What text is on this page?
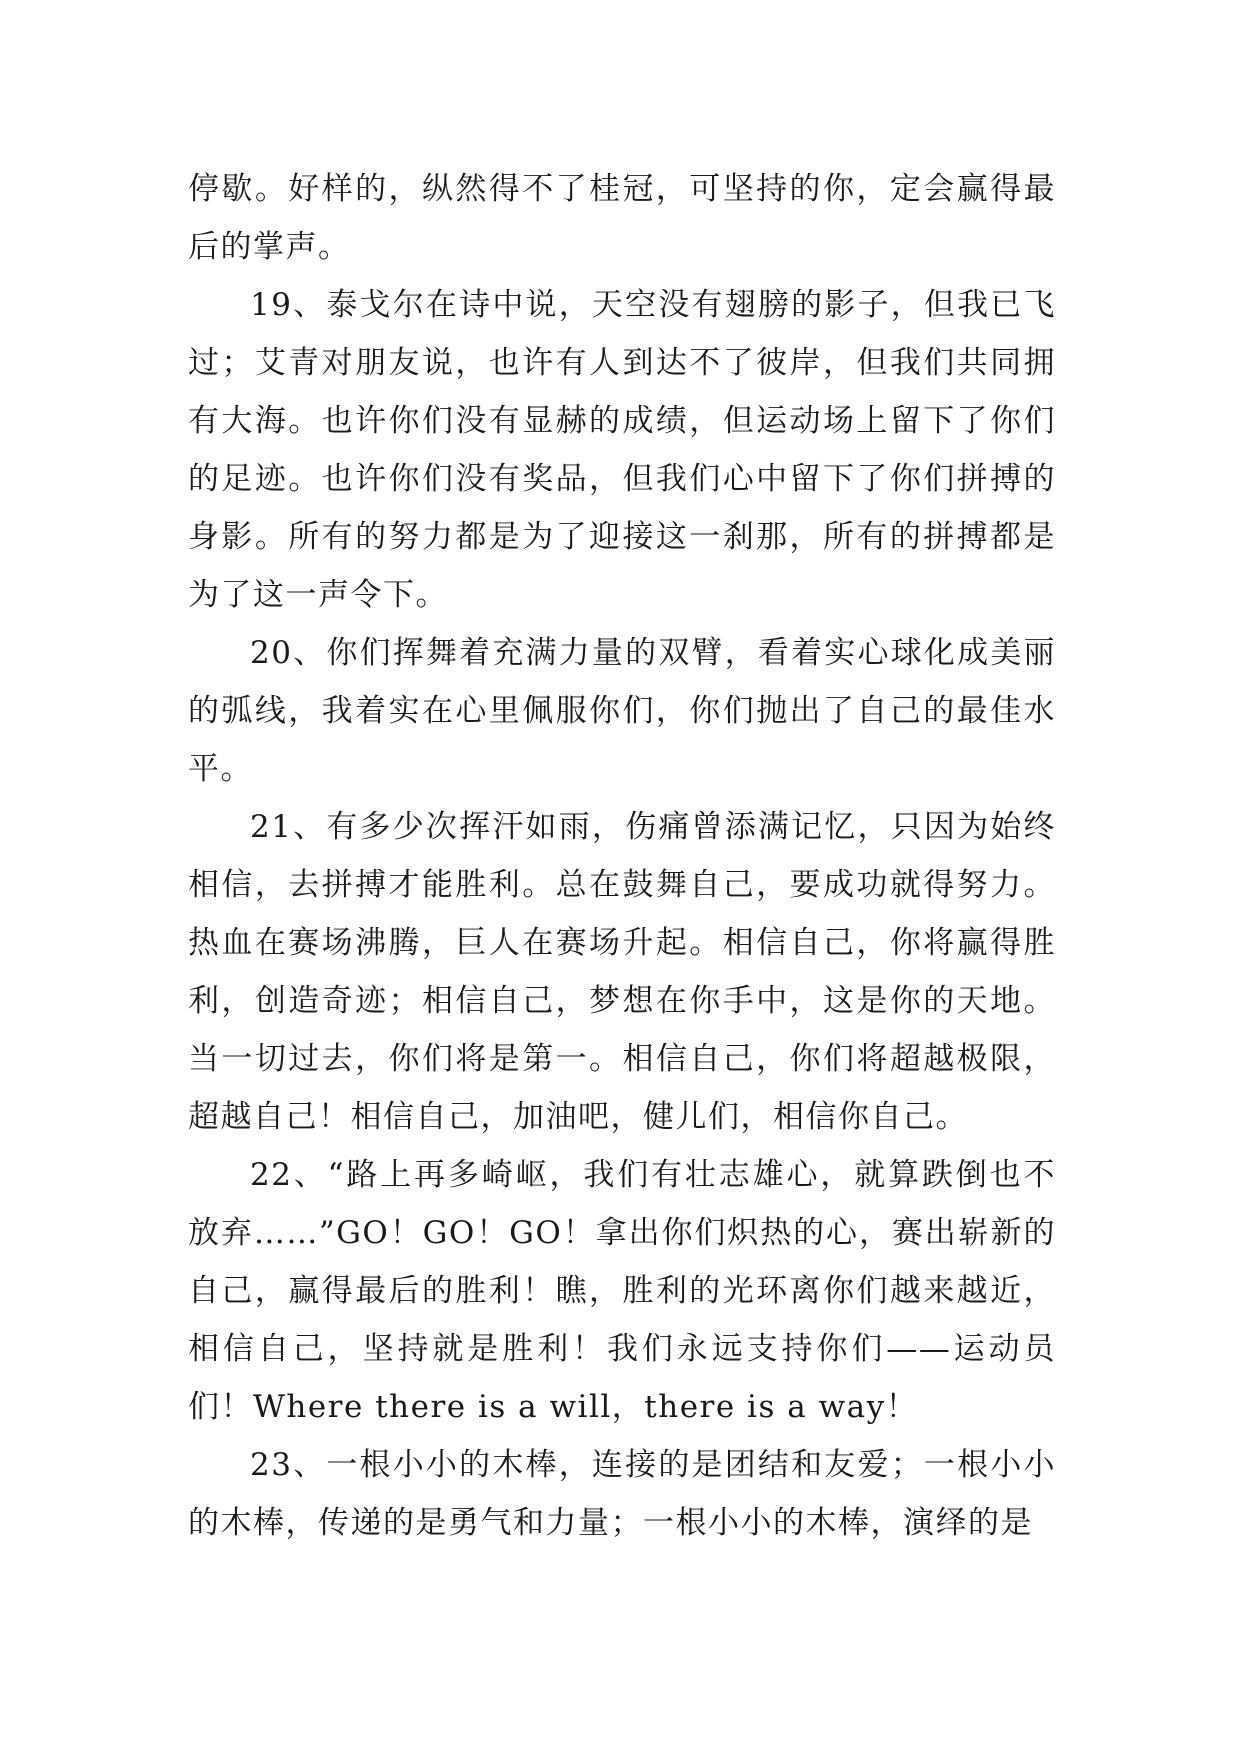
停歇。好样的，纵然得不了桂冠，可坚持的你，定会赢得最后的掌声。

19、泰戈尔在诗中说，天空没有翅膀的影子，但我已飞过；艾青对朋友说，也许有人到达不了彼岸，但我们共同拥有大海。也许你们没有显赫的成绩，但运动场上留下了你们的足迹。也许你们没有奖品，但我们心中留下了你们拼搏的身影。所有的努力都是为了迎接这一刹那，所有的拼搏都是为了这一声令下。

20、你们挥舞着充满力量的双臂，看着实心球化成美丽的弧线，我着实在心里佩服你们，你们抛出了自己的最佳水平。

21、有多少次挥汗如雨，伤痛曾添满记忆，只因为始终相信，去拼搏才能胜利。总在鼓舞自己，要成功就得努力。热血在赛场沸腾，巨人在赛场升起。相信自己，你将赢得胜利，创造奇迹；相信自己，梦想在你手中，这是你的天地。当一切过去，你们将是第一。相信自己，你们将超越极限，超越自己！相信自己，加油吧，健儿们，相信你自己。

22、“路上再多崎岖，我们有壮志雄心，就算跌倒也不放弃……”GO！GO！GO！拿出你们炽热的心，赛出崭新的自己，赢得最后的胜利！瞧，胜利的光环离你们越来越近，相信自己，坚持就是胜利！我们永远支持你们——运动员们！Where there is a will，there is a way！

23、一根小小的木棒，连接的是团结和友爱；一根小小的木棒，传递的是勇气和力量；一根小小的木棒，演绎的是
